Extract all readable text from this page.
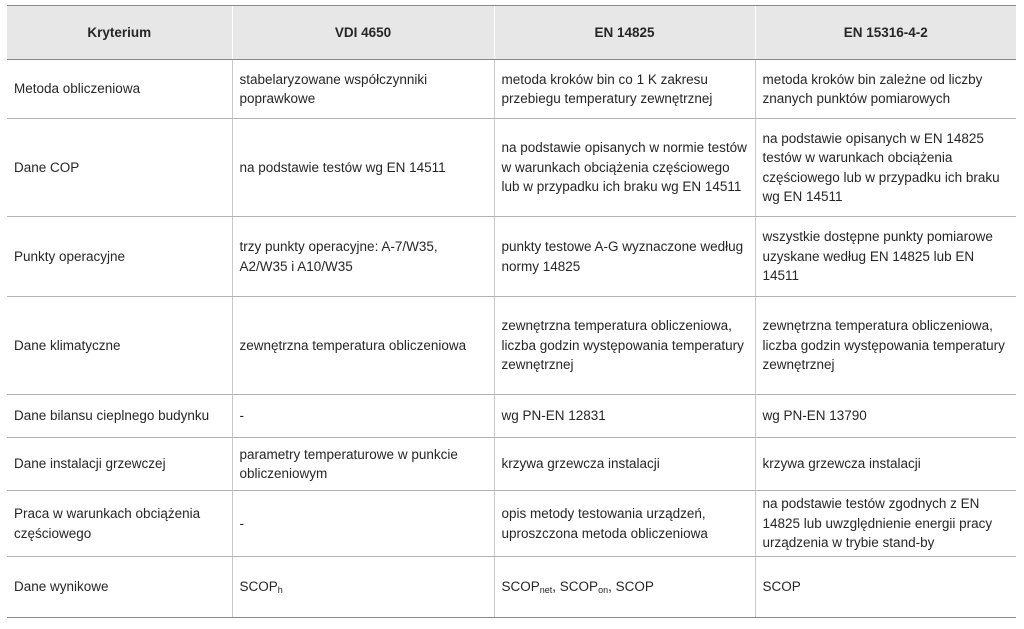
Kryterium	VDI 4650	EN 14825	EN 15316-4-2
Metoda obliczeniowa	stabelaryzowane współczynniki poprawkowe	metoda kroków bin co 1 K zakresu przebiegu temperatury zewnętrznej	metoda kroków bin zależne od liczby znanych punktów pomiarowych
Dane COP	na podstawie testów wg EN 14511	na podstawie opisanych w normie testów w warunkach obciążenia częściowego lub w przypadku ich braku wg EN 14511	na podstawie opisanych w EN 14825 testów w warunkach obciążenia częściowego lub w przypadku ich braku wg EN 14511
Punkty operacyjne	trzy punkty operacyjne: A-7/W35, A2/W35 i A10/W35	punkty testowe A-G wyznaczone według normy 14825	wszystkie dostępne punkty pomiarowe uzyskane według EN 14825 lub EN 14511
Dane klimatyczne	zewnętrzna temperatura obliczeniowa	zewnętrzna temperatura obliczeniowa, liczba godzin występowania temperatury zewnętrznej	zewnętrzna temperatura obliczeniowa, liczba godzin występowania temperatury zewnętrznej
Dane bilansu cieplnego budynku	-	wg PN-EN 12831	wg PN-EN 13790
Dane instalacji grzewczej	parametry temperaturowe w punkcie obliczeniowym	krzywa grzewcza instalacji	krzywa grzewcza instalacji
Praca w warunkach obciążenia częściowego	-	opis metody testowania urządzeń, uproszczona metoda obliczeniowa	na podstawie testów zgodnych z EN 14825 lub uwzględnienie energii pracy urządzenia w trybie stand-by
Dane wynikowe	$SCOP_h$	$SCOP_{net}$, $SCOP_{on}$, SCOP	SCOP
